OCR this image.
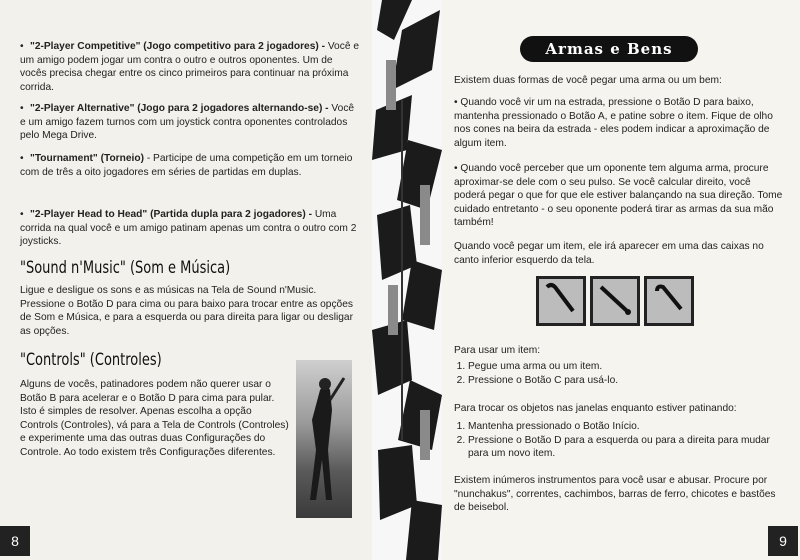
• "2-Player Competitive" (Jogo competitivo para 2 jogadores) - Você e um amigo podem jogar um contra o outro e outros oponentes. Um de vocês precisa chegar entre os cinco primeiros para continuar na próxima corrida.
• "2-Player Alternative" (Jogo para 2 jogadores alternando-se) - Você e um amigo fazem turnos com um joystick contra oponentes controlados pelo Mega Drive.
• "Tournament" (Torneio) - Participe de uma competição em um torneio com de três a oito jogadores em séries de partidas em duplas.
• "2-Player Head to Head" (Partida dupla para 2 jogadores) - Uma corrida na qual você e um amigo patinam apenas um contra o outro com 2 joysticks.
"Sound n'Music" (Som e Música)

Ligue e desligue os sons e as músicas na Tela de Sound n'Music. Pressione o Botão D para cima ou para baixo para trocar entre as opções de Som e Música, e para a esquerda ou para direita para ligar ou desligar as opções.

"Controls" (Controles)

Alguns de vocês, patinadores podem não querer usar o Botão B para acelerar e o Botão D para cima para pular. Isto é simples de resolver. Apenas escolha a opção Controls (Controles), vá para a Tela de Controls (Controles) e experimente uma das outras duas Configurações do Controle. Ao todo existem três Configurações diferentes.

8
Armas e Bens

Existem duas formas de você pegar uma arma ou um bem:

• Quando você vir um na estrada, pressione o Botão D para baixo, mantenha pressionado o Botão A, e patine sobre o item. Fique de olho nos cones na beira da estrada - eles podem indicar a aproximação de algum item.
• Quando você perceber que um oponente tem alguma arma, procure aproximar-se dele com o seu pulso. Se você calcular direito, você poderá pegar o que for que ele estiver balançando na sua direção. Tome cuidado entretanto - o seu oponente poderá tirar as armas da sua mão também!

Quando você pegar um item, ele irá aparecer em uma das caixas no canto inferior esquerdo da tela.

Para usar um item:

1. Pegue uma arma ou um item.
2. Pressione o Botão C para usá-lo.

Para trocar os objetos nas janelas enquanto estiver patinando:

1. Mantenha pressionado o Botão Início.
2. Pressione o Botão D para a esquerda ou para a direita para mudar para um novo item.

Existem inúmeros instrumentos para você usar e abusar. Procure por "nunchakus", correntes, cachimbos, barras de ferro, chicotes e bastões de beisebol.

9
